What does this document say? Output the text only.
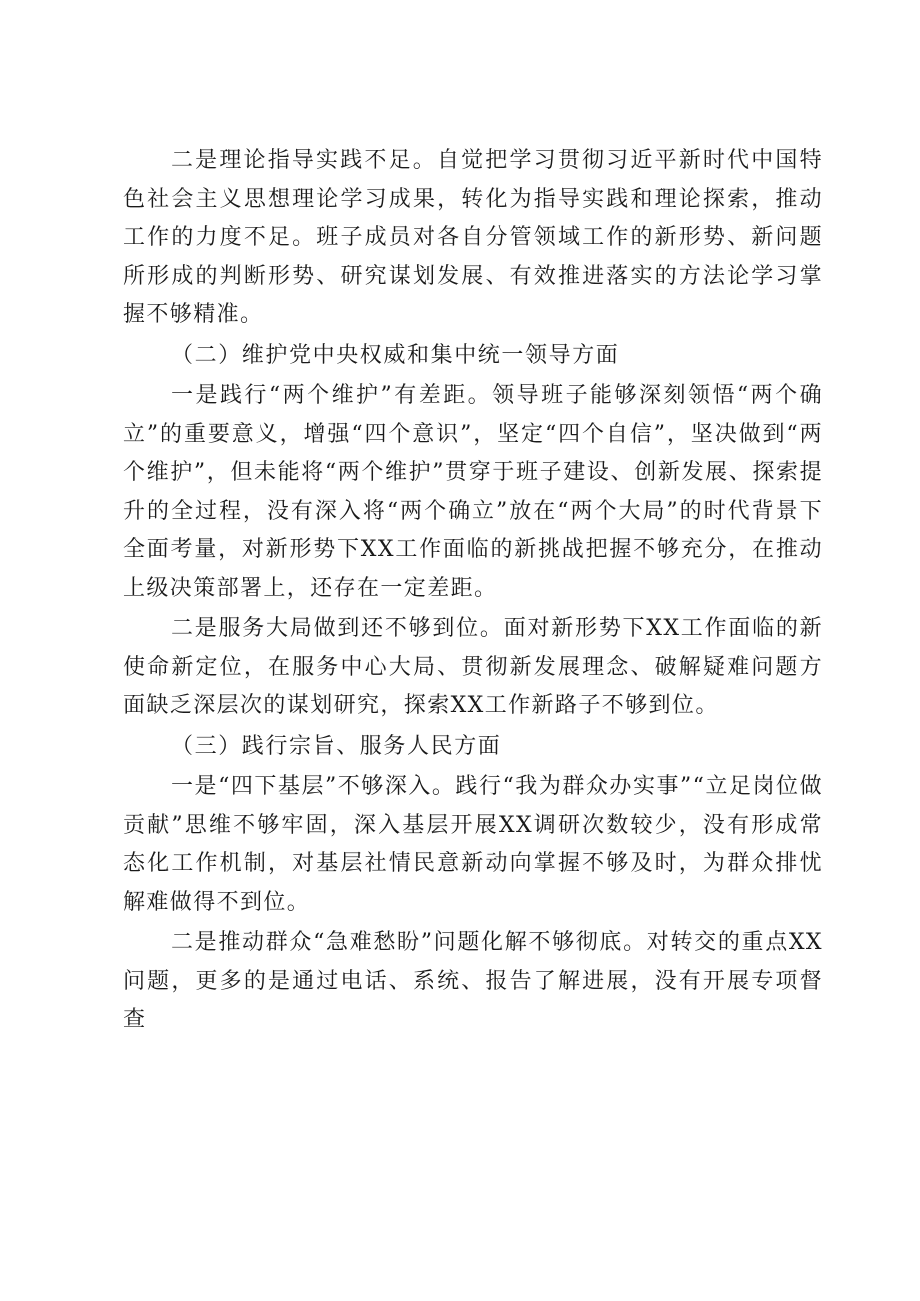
二是理论指导实践不足。自觉把学习贯彻习近平新时代中国特色社会主义思想理论学习成果，转化为指导实践和理论探索，推动工作的力度不足。班子成员对各自分管领域工作的新形势、新问题所形成的判断形势、研究谋划发展、有效推进落实的方法论学习掌握不够精准。

（二）维护党中央权威和集中统一领导方面

一是践行“两个维护”有差距。领导班子能够深刻领悟“两个确立”的重要意义，增强“四个意识”，坚定“四个自信”，坚决做到“两个维护”，但未能将“两个维护”贯穿于班子建设、创新发展、探索提升的全过程，没有深入将“两个确立”放在“两个大局”的时代背景下全面考量，对新形势下XX工作面临的新挑战把握不够充分，在推动上级决策部署上，还存在一定差距。

二是服务大局做到还不够到位。面对新形势下XX工作面临的新使命新定位，在服务中心大局、贯彻新发展理念、破解疑难问题方面缺乏深层次的谋划研究，探索XX工作新路子不够到位。

（三）践行宗旨、服务人民方面

一是“四下基层”不够深入。践行“我为群众办实事”“立足岗位做贡献”思维不够牢固，深入基层开展XX调研次数较少，没有形成常态化工作机制，对基层社情民意新动向掌握不够及时，为群众排忧解难做得不到位。

二是推动群众“急难愁盼”问题化解不够彻底。对转交的重点XX问题，更多的是通过电话、系统、报告了解进展，没有开展专项督查
